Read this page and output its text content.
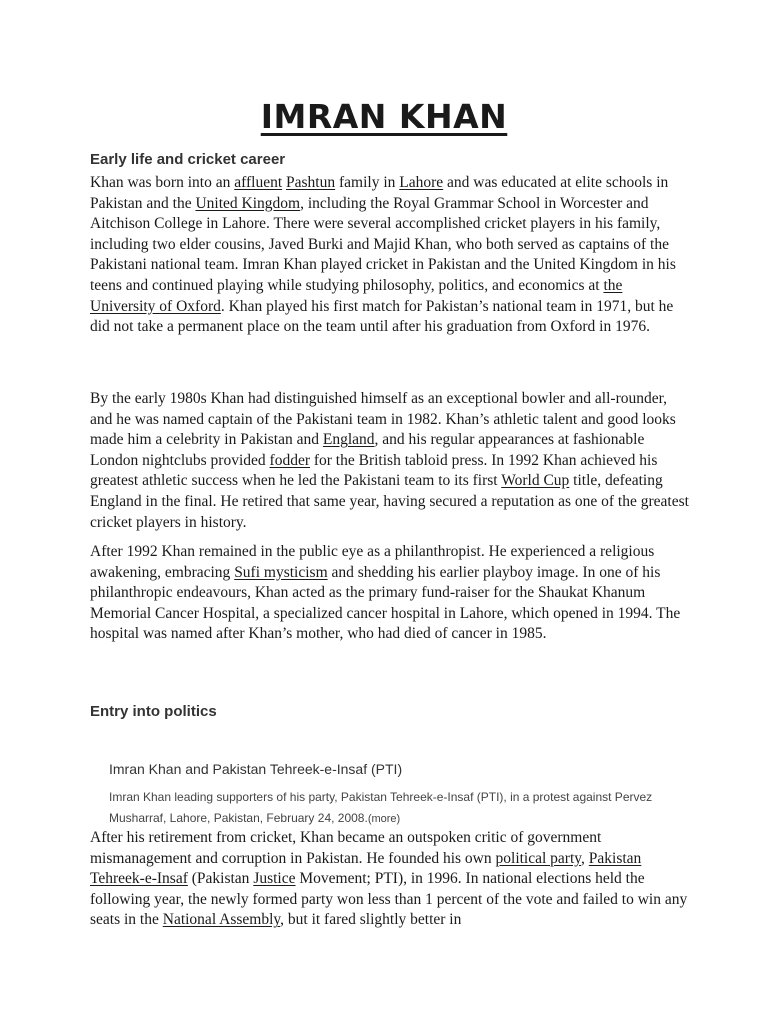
IMRAN KHAN
Early life and cricket career

Khan was born into an affluent Pashtun family in Lahore and was educated at elite schools in Pakistan and the United Kingdom, including the Royal Grammar School in Worcester and Aitchison College in Lahore. There were several accomplished cricket players in his family, including two elder cousins, Javed Burki and Majid Khan, who both served as captains of the Pakistani national team. Imran Khan played cricket in Pakistan and the United Kingdom in his teens and continued playing while studying philosophy, politics, and economics at the University of Oxford. Khan played his first match for Pakistan’s national team in 1971, but he did not take a permanent place on the team until after his graduation from Oxford in 1976.

By the early 1980s Khan had distinguished himself as an exceptional bowler and all-rounder, and he was named captain of the Pakistani team in 1982. Khan’s athletic talent and good looks made him a celebrity in Pakistan and England, and his regular appearances at fashionable London nightclubs provided fodder for the British tabloid press. In 1992 Khan achieved his greatest athletic success when he led the Pakistani team to its first World Cup title, defeating England in the final. He retired that same year, having secured a reputation as one of the greatest cricket players in history.

After 1992 Khan remained in the public eye as a philanthropist. He experienced a religious awakening, embracing Sufi mysticism and shedding his earlier playboy image. In one of his philanthropic endeavours, Khan acted as the primary fund-raiser for the Shaukat Khanum Memorial Cancer Hospital, a specialized cancer hospital in Lahore, which opened in 1994. The hospital was named after Khan’s mother, who had died of cancer in 1985.

Entry into politics
Imran Khan and Pakistan Tehreek-e-Insaf (PTI)

Imran Khan leading supporters of his party, Pakistan Tehreek-e-Insaf (PTI), in a protest against Pervez Musharraf, Lahore, Pakistan, February 24, 2008.(more)

After his retirement from cricket, Khan became an outspoken critic of government mismanagement and corruption in Pakistan. He founded his own political party, Pakistan Tehreek-e-Insaf (Pakistan Justice Movement; PTI), in 1996. In national elections held the following year, the newly formed party won less than 1 percent of the vote and failed to win any seats in the National Assembly, but it fared slightly better in
